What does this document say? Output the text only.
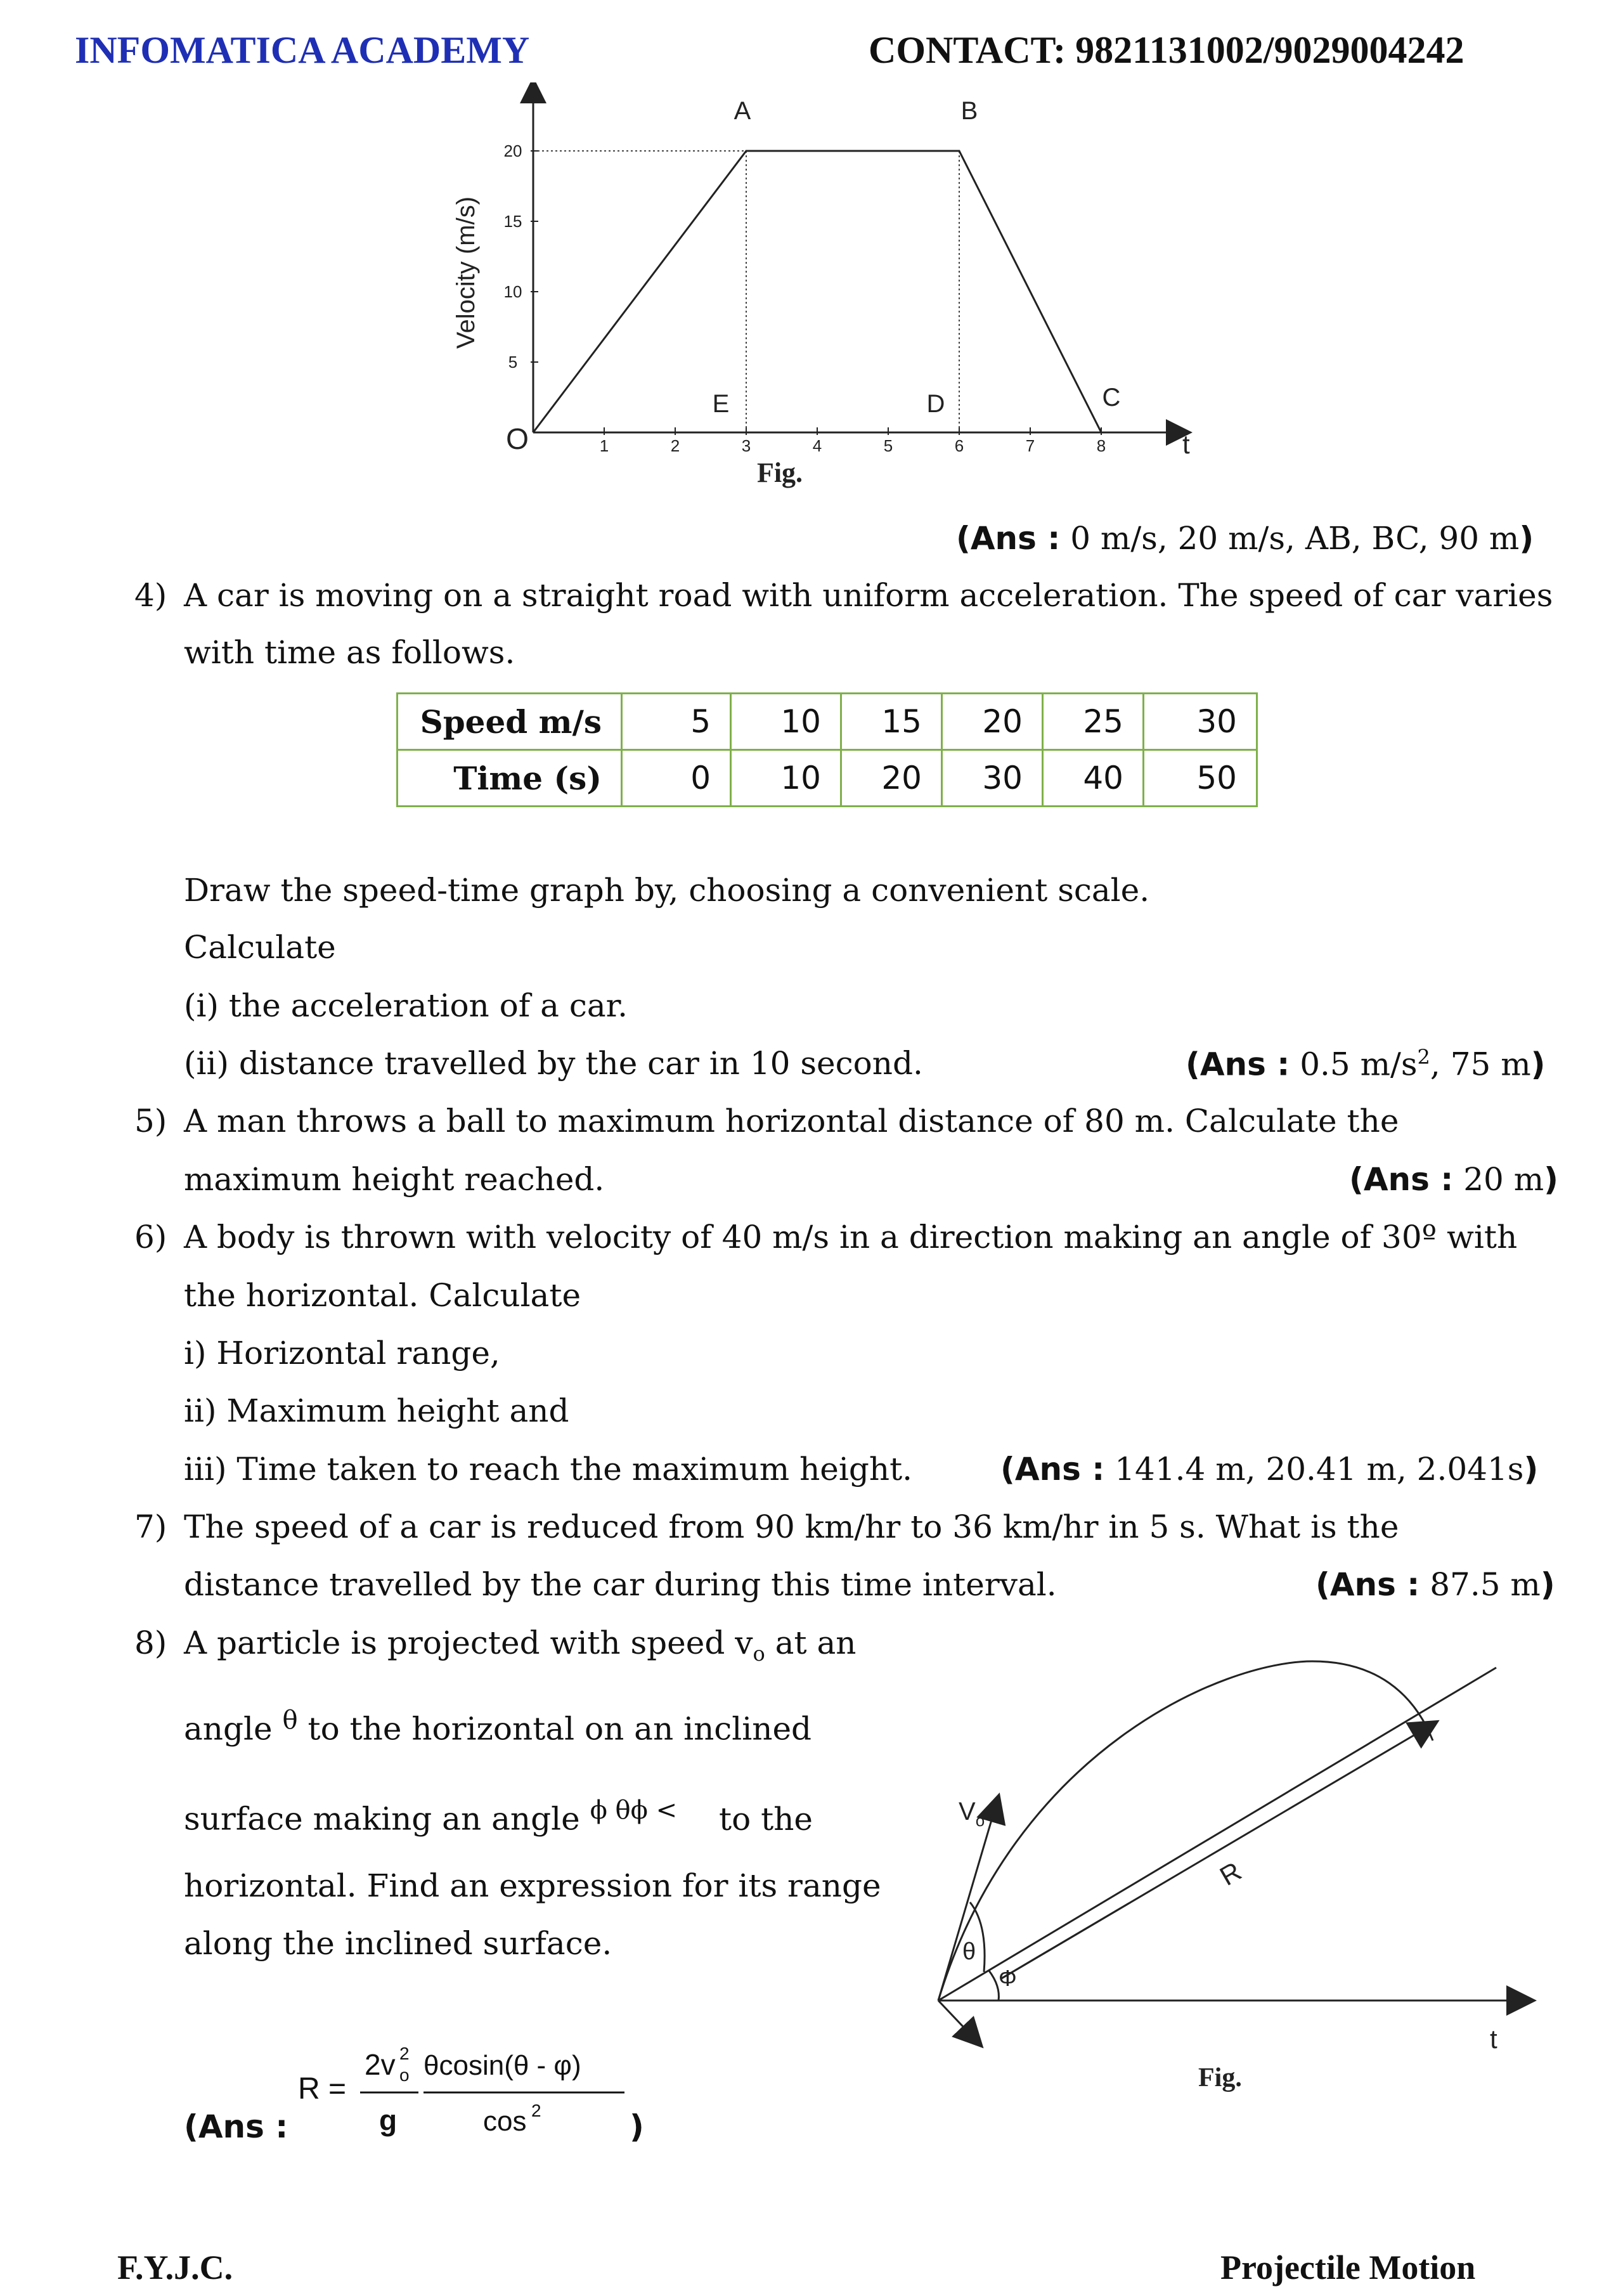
INFOMATICA ACADEMY	CONTACT: 9821131002/9029004242
1	2	3	4	5	6	7	8
5
10
15
20
Velocity (m/s)
O	t
A	B
E	D	C
Fig.
(Ans : 0 m/s, 20 m/s, AB, BC, 90 m)
4) A car is moving on a straight road with uniform acceleration. The speed of car varies
with time as follows.
Speed m/s	5	10	15	20	25	30
Time (s)	0	10	20	30	40	50
Draw the speed-time graph by, choosing a convenient scale.
Calculate
(i) the acceleration of a car.
(ii) distance travelled by the car in 10 second.	(Ans : 0.5 $m/s^2$, 75 m)
5) A man throws a ball to maximum horizontal distance of 80 m. Calculate the
maximum height reached.	(Ans : 20 m)
6) A body is thrown with velocity of 40 m/s in a direction making an angle of 30º with
the horizontal. Calculate
i) Horizontal range,
ii) Maximum height and
iii) Time taken to reach the maximum height.	(Ans : 141.4 m, 20.41 m, 2.041s)
7) The speed of a car is reduced from 90 km/hr to 36 km/hr in 5 s. What is the
distance travelled by the car during this time interval.	(Ans : 87.5 m)
8) A particle is projected with speed $v_o$ at an
angle $^\theta$ to the horizontal on an inclined
surface making an angle $^{\phi \theta\phi <}$ to the
horizontal. Find an expression for its range
along the inclined surface.
(Ans :
R =
2v 2
o
g
θcosin(θ - φ)
cos 2	)
$V_o$
θ
Φ
R
t
Fig.
F.Y.J.C.	Projectile Motion
